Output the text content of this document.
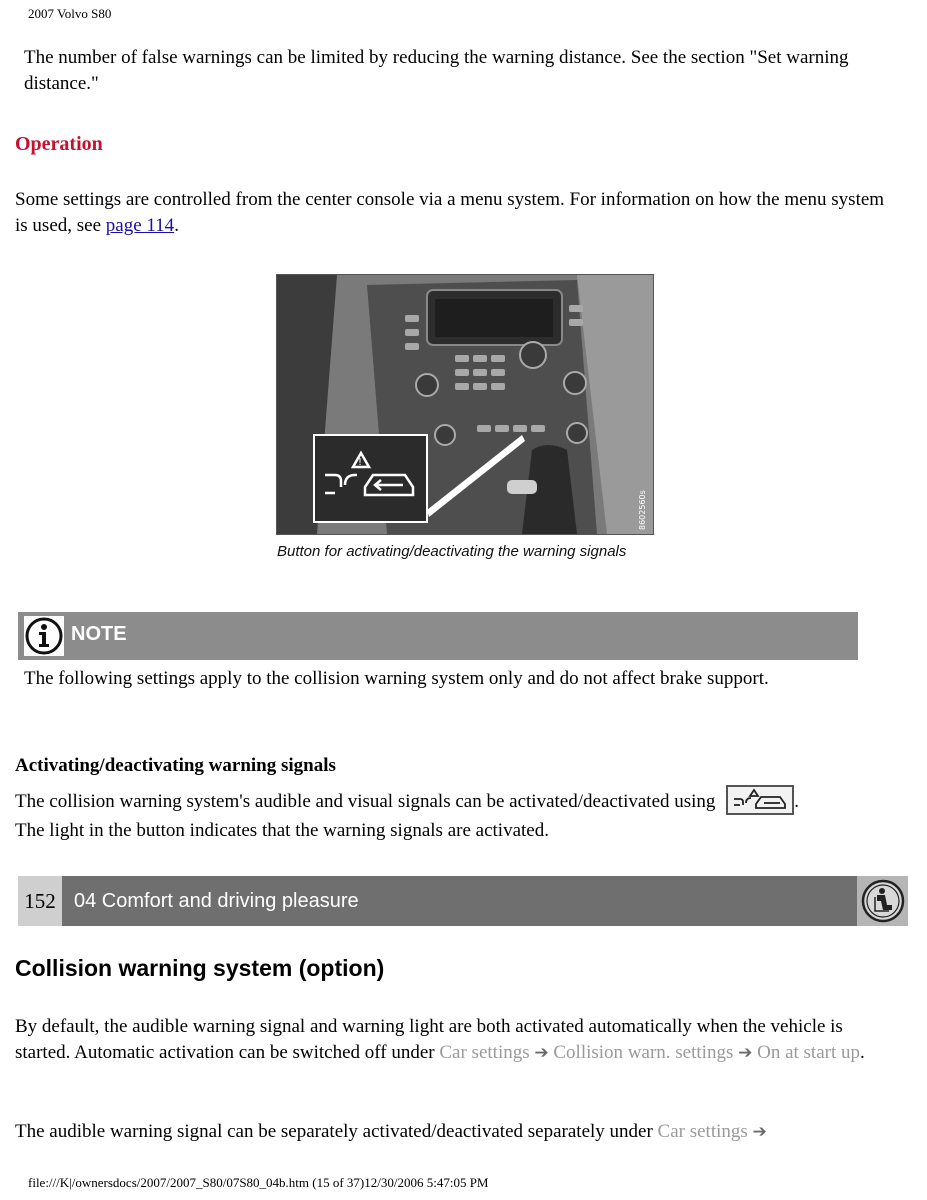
2007 Volvo S80
The number of false warnings can be limited by reducing the warning distance. See the section "Set warning distance."
Operation
Some settings are controlled from the center console via a menu system. For information on how the menu system is used, see page 114.
!
8602560s
Button for activating/deactivating the warning signals
NOTE
The following settings apply to the collision warning system only and do not affect brake support.
Activating/deactivating warning signals
The collision warning system's audible and visual signals can be activated/deactivated using	.
The light in the button indicates that the warning signals are activated.
152 04 Comfort and driving pleasure
Collision warning system (option)
By default, the audible warning signal and warning light are both activated automatically when the vehicle is started. Automatic activation can be switched off under Car settings ➔ Collision warn. settings ➔ On at start up.
The audible warning signal can be separately activated/deactivated separately under Car settings ➔
file:///K|/ownersdocs/2007/2007_S80/07S80_04b.htm (15 of 37)12/30/2006 5:47:05 PM
